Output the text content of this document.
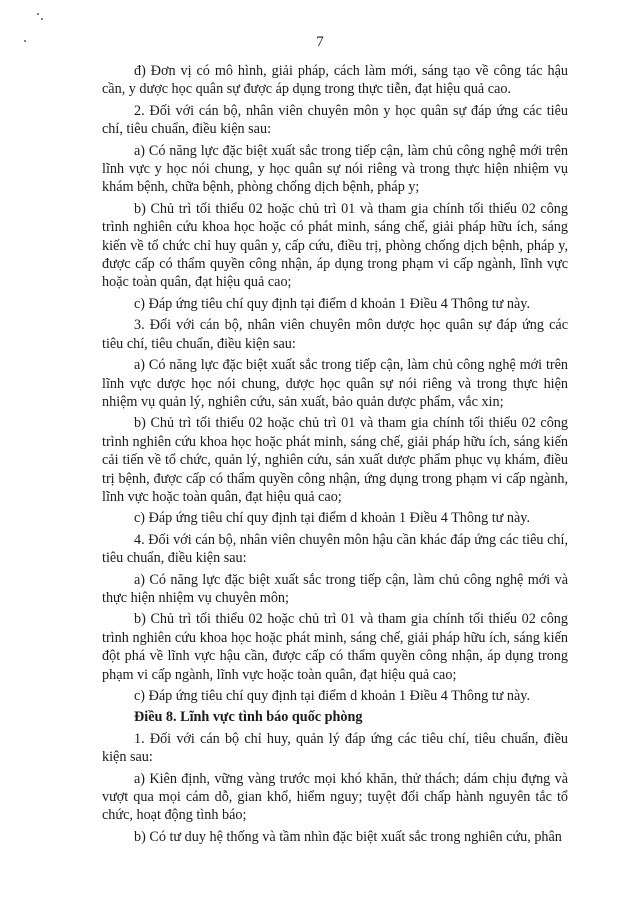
7

đ) Đơn vị có mô hình, giải pháp, cách làm mới, sáng tạo về công tác hậu cần, y dược học quân sự được áp dụng trong thực tiễn, đạt hiệu quả cao.

2. Đối với cán bộ, nhân viên chuyên môn y học quân sự đáp ứng các tiêu chí, tiêu chuẩn, điều kiện sau:

a) Có năng lực đặc biệt xuất sắc trong tiếp cận, làm chủ công nghệ mới trên lĩnh vực y học nói chung, y học quân sự nói riêng và trong thực hiện nhiệm vụ khám bệnh, chữa bệnh, phòng chống dịch bệnh, pháp y;

b) Chủ trì tối thiểu 02 hoặc chủ trì 01 và tham gia chính tối thiểu 02 công trình nghiên cứu khoa học hoặc có phát minh, sáng chế, giải pháp hữu ích, sáng kiến về tổ chức chỉ huy quân y, cấp cứu, điều trị, phòng chống dịch bệnh, pháp y, được cấp có thẩm quyền công nhận, áp dụng trong phạm vi cấp ngành, lĩnh vực hoặc toàn quân, đạt hiệu quả cao;

c) Đáp ứng tiêu chí quy định tại điểm d khoản 1 Điều 4 Thông tư này.

3. Đối với cán bộ, nhân viên chuyên môn dược học quân sự đáp ứng các tiêu chí, tiêu chuẩn, điều kiện sau:

a) Có năng lực đặc biệt xuất sắc trong tiếp cận, làm chủ công nghệ mới trên lĩnh vực dược học nói chung, dược học quân sự nói riêng và trong thực hiện nhiệm vụ quản lý, nghiên cứu, sản xuất, bảo quản dược phẩm, vắc xin;

b) Chủ trì tối thiểu 02 hoặc chủ trì 01 và tham gia chính tối thiểu 02 công trình nghiên cứu khoa học hoặc phát minh, sáng chế, giải pháp hữu ích, sáng kiến cải tiến về tổ chức, quản lý, nghiên cứu, sản xuất dược phẩm phục vụ khám, điều trị bệnh, được cấp có thẩm quyền công nhận, ứng dụng trong phạm vi cấp ngành, lĩnh vực hoặc toàn quân, đạt hiệu quả cao;

c) Đáp ứng tiêu chí quy định tại điểm d khoản 1 Điều 4 Thông tư này.

4. Đối với cán bộ, nhân viên chuyên môn hậu cần khác đáp ứng các tiêu chí, tiêu chuẩn, điều kiện sau:

a) Có năng lực đặc biệt xuất sắc trong tiếp cận, làm chủ công nghệ mới và thực hiện nhiệm vụ chuyên môn;

b) Chủ trì tối thiểu 02 hoặc chủ trì 01 và tham gia chính tối thiểu 02 công trình nghiên cứu khoa học hoặc phát minh, sáng chế, giải pháp hữu ích, sáng kiến đột phá về lĩnh vực hậu cần, được cấp có thẩm quyền công nhận, áp dụng trong phạm vi cấp ngành, lĩnh vực hoặc toàn quân, đạt hiệu quả cao;

c) Đáp ứng tiêu chí quy định tại điểm d khoản 1 Điều 4 Thông tư này.

Điều 8. Lĩnh vực tình báo quốc phòng

1. Đối với cán bộ chỉ huy, quản lý đáp ứng các tiêu chí, tiêu chuẩn, điều kiện sau:

a) Kiên định, vững vàng trước mọi khó khăn, thử thách; dám chịu đựng và vượt qua mọi cám dỗ, gian khổ, hiểm nguy; tuyệt đối chấp hành nguyên tắc tổ chức, hoạt động tình báo;

b) Có tư duy hệ thống và tầm nhìn đặc biệt xuất sắc trong nghiên cứu, phân
